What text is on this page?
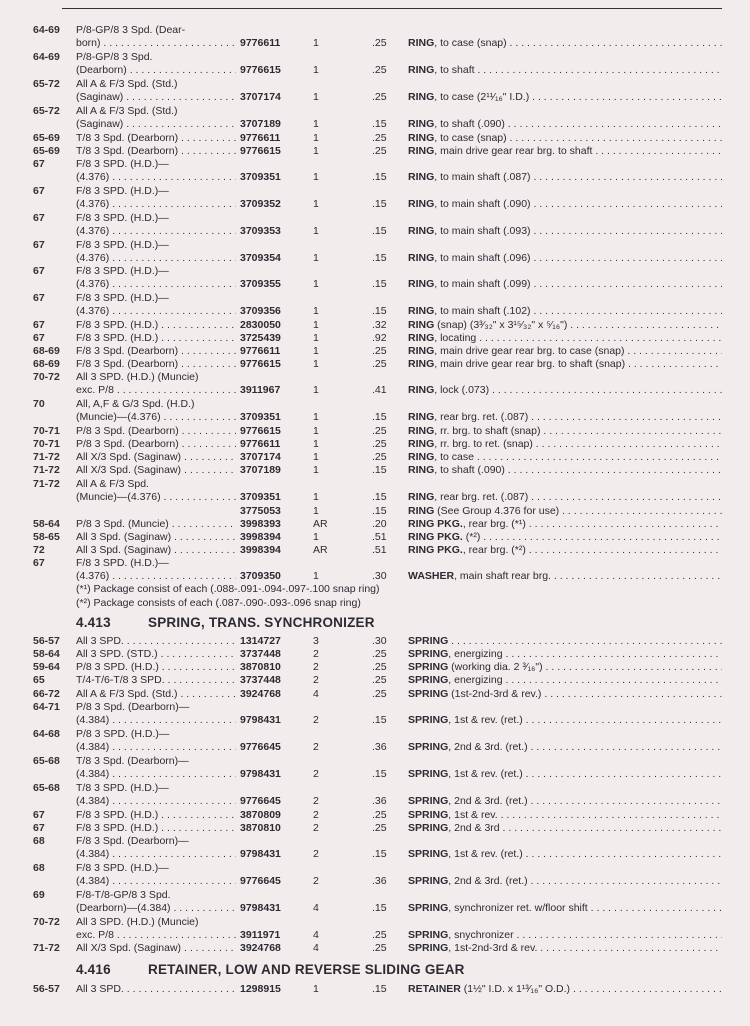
64-69 P/8-GP/8 3 Spd. (Dear-
born) . . .	9776611	1	.25 RING, to case (snap) . . .
64-69 P/8-GP/8 3 Spd.
(Dearborn) . . .	9776615	1	.25 RING, to shaft . . .
65-72 All A & F/3 Spd. (Std.)
(Saginaw) . . .	3707174	1	.25 RING, to case (2¹¹⁄₁₆" I.D.) . . .
65-72 All A & F/3 Spd. (Std.)
(Saginaw) . . .	3707189	1	.15 RING, to shaft (.090) . . .
65-69 T/8 3 Spd. (Dearborn) . . .	9776611	1	.25 RING, to case (snap) . . .
65-69 T/8 3 Spd. (Dearborn) . . .	9776615	1	.25 RING, main drive gear rear brg. to shaft . . .
67	F/8 3 SPD. (H.D.)—
(4.376) . . .	3709351	1	.15 RING, to main shaft (.087) . . .
67	F/8 3 SPD. (H.D.)—
(4.376) . . .	3709352	1	.15 RING, to main shaft (.090) . . .
67	F/8 3 SPD. (H.D.)—
(4.376) . . .	3709353	1	.15 RING, to main shaft (.093) . . .
67	F/8 3 SPD. (H.D.)—
(4.376) . . .	3709354	1	.15 RING, to main shaft (.096) . . .
67	F/8 3 SPD. (H.D.)—
(4.376) . . .	3709355	1	.15 RING, to main shaft (.099) . . .
67	F/8 3 SPD. (H.D.)—
(4.376) . . .	3709356	1	.15 RING, to main shaft (.102) . . .
67	F/8 3 SPD. (H.D.) . . .	2830050	1	.32 RING (snap) (3³⁄₃₂" x 3¹⁵⁄₃₂" x ⁵⁄₁₆") . . .
67	F/8 3 SPD. (H.D.) . . .	3725439	1	.92 RING, locating . . .
68-69 F/8 3 Spd. (Dearborn) . . .	9776611	1	.25 RING, main drive gear rear brg. to case (snap) . . .
68-69 F/8 3 Spd. (Dearborn) . . .	9776615	1	.25 RING, main drive gear rear brg. to shaft (snap) . . .
70-72 All 3 SPD. (H.D.) (Muncie)
exc. P/8 . . .	3911967	1	.41 RING, lock (.073) . . .
70	All, A,F & G/3 Spd. (H.D.)
(Muncie)—(4.376) . . .	3709351	1	.15 RING, rear brg. ret. (.087) . . .
70-71 P/8 3 Spd. (Dearborn) . . .	9776615	1	.25 RING, rr. brg. to shaft (snap) . . .
70-71 P/8 3 Spd. (Dearborn) . . .	9776611	1	.25 RING, rr. brg. to ret. (snap) . . .
71-72 All X/3 Spd. (Saginaw) . . .	3707174	1	.25 RING, to case . . .
71-72 All X/3 Spd. (Saginaw) . . .	3707189	1	.15 RING, to shaft (.090) . . .
71-72 All A & F/3 Spd.
(Muncie)—(4.376) . . .	3709351	1	.15 RING, rear brg. ret. (.087) . . .
3775053	1	.15 RING (See Group 4.376 for use) . . .
58-64 P/8 3 Spd. (Muncie) . . .	3998393	AR	.20 RING PKG., rear brg. (*¹) . . .
58-65 All 3 Spd. (Saginaw) . . .	3998394	1	.51 RING PKG. (*²) . . .
72	All 3 Spd. (Saginaw) . . .	3998394	AR	.51 RING PKG., rear brg. (*²) . . .
67	F/8 3 SPD. (H.D.)—
(4.376) . . .	3709350	1	.30 WASHER, main shaft rear brg. . . .
(*¹) Package consist of each (.088-.091-.094-.097-.100 snap ring)
(*²) Package consists of each (.087-.090-.093-.096 snap ring)
4.413	SPRING, TRANS. SYNCHRONIZER
56-57 All 3 SPD. . . .	1314727	3	.30 SPRING . . .
58-64 All 3 SPD. (STD.) . . .	3737448	2	.25 SPRING, energizing . . .
59-64 P/8 3 SPD. (H.D.) . . .	3870810	2	.25 SPRING (working dia. 2 ³⁄₁₆") . . .
65	T/4-T/6-T/8 3 SPD. . . .	3737448	2	.25 SPRING, energizing . . .
66-72 All A & F/3 Spd. (Std.) . . .	3924768	4	.25 SPRING (1st-2nd-3rd & rev.) . . .
64-71 P/8 3 Spd. (Dearborn)—
(4.384) . . .	9798431	2	.15 SPRING, 1st & rev. (ret.) . . .
64-68 P/8 3 SPD. (H.D.)—
(4.384) . . .	9776645	2	.36 SPRING, 2nd & 3rd. (ret.) . . .
65-68 T/8 3 Spd. (Dearborn)—
(4.384) . . .	9798431	2	.15 SPRING, 1st & rev. (ret.) . . .
65-68 T/8 3 SPD. (H.D.)—
(4.384) . . .	9776645	2	.36 SPRING, 2nd & 3rd. (ret.) . . .
67	F/8 3 SPD. (H.D.) . . .	3870809	2	.25 SPRING, 1st & rev. . . .
67	F/8 3 SPD. (H.D.) . . .	3870810	2	.25 SPRING, 2nd & 3rd . . .
68	F/8 3 Spd. (Dearborn)—
(4.384) . . .	9798431	2	.15 SPRING, 1st & rev. (ret.) . . .
68	F/8 3 SPD. (H.D.)—
(4.384) . . .	9776645	2	.36 SPRING, 2nd & 3rd. (ret.) . . .
69	F/8-T/8-GP/8 3 Spd.
(Dearborn)—(4.384) . . .	9798431	4	.15 SPRING, synchronizer ret. w/floor shift . . .
70-72 All 3 SPD. (H.D.) (Muncie)
exc. P/8 . . .	3911971	4	.25 SPRING, snychronizer . . .
71-72 All X/3 Spd. (Saginaw) . . .	3924768	4	.25 SPRING, 1st-2nd-3rd & rev. . . .
4.416	RETAINER, LOW AND REVERSE SLIDING GEAR
56-57 All 3 SPD. . . .	1298915	1	.15 RETAINER (1½" I.D. x 1¹³⁄₁₆" O.D.) . . .
